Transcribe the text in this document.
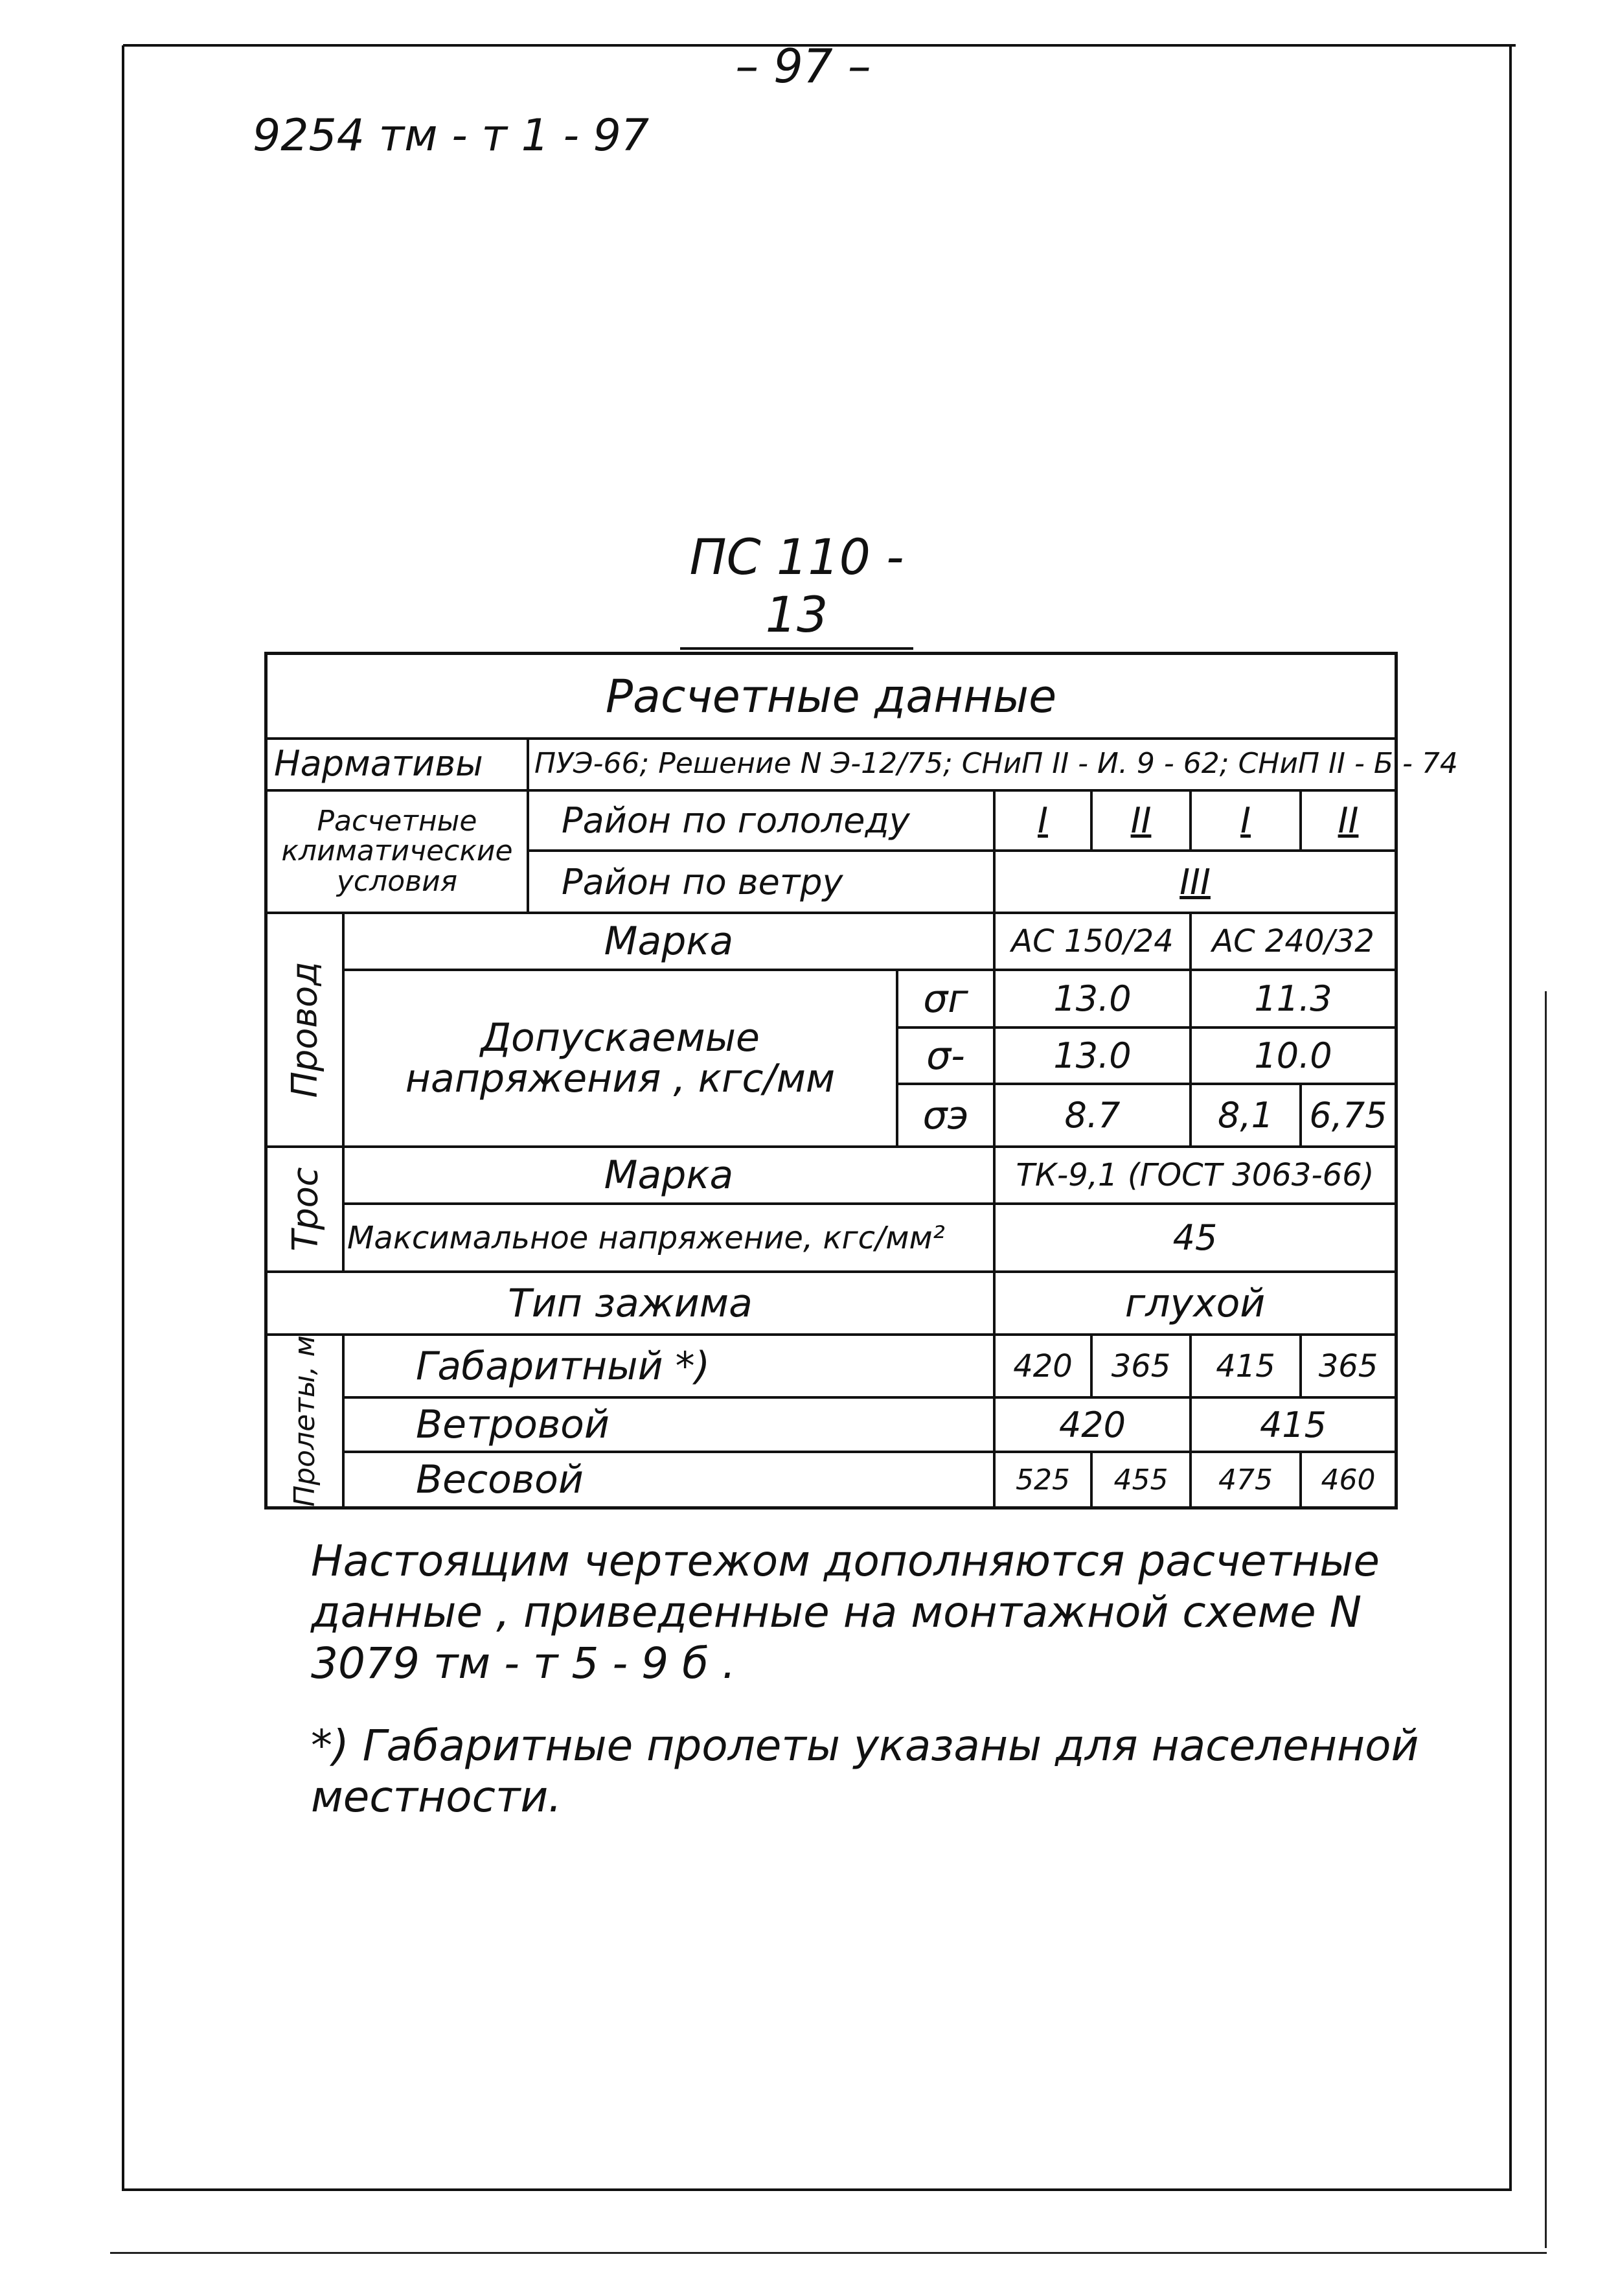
– 97 –
9254 тм - т 1 - 97
ПС 110 - 13
Расчетные данные
Нармативы	ПУЭ-66; Решение N Э-12/75; СНиП II - И. 9 - 62; СНиП II - Б - 74
Расчетные климатические условия
Район по гололеду	I	II	I	II
Район по ветру	III
Провод
Марка	АС 150/24	АС 240/32
Допускаемые напряжения , кгс/мм
σг	13.0	11.3
σ-	13.0	10.0
σэ	8.7	8,1	6,75
Трос	Марка	ТК-9,1 (ГОСТ 3063-66)
Максимальное напряжение, кгс/мм²	45
Тип зажима	глухой
Пролеты, м	Габаритный *)	420	365	415	365
Ветровой	420	415
Весовой	525	455	475	460
Настоящим чертежом дополняются расчетные данные , приведенные на монтажной схеме N 3079 тм - т 5 - 9 б .
*) Габаритные пролеты указаны для населенной местности.
